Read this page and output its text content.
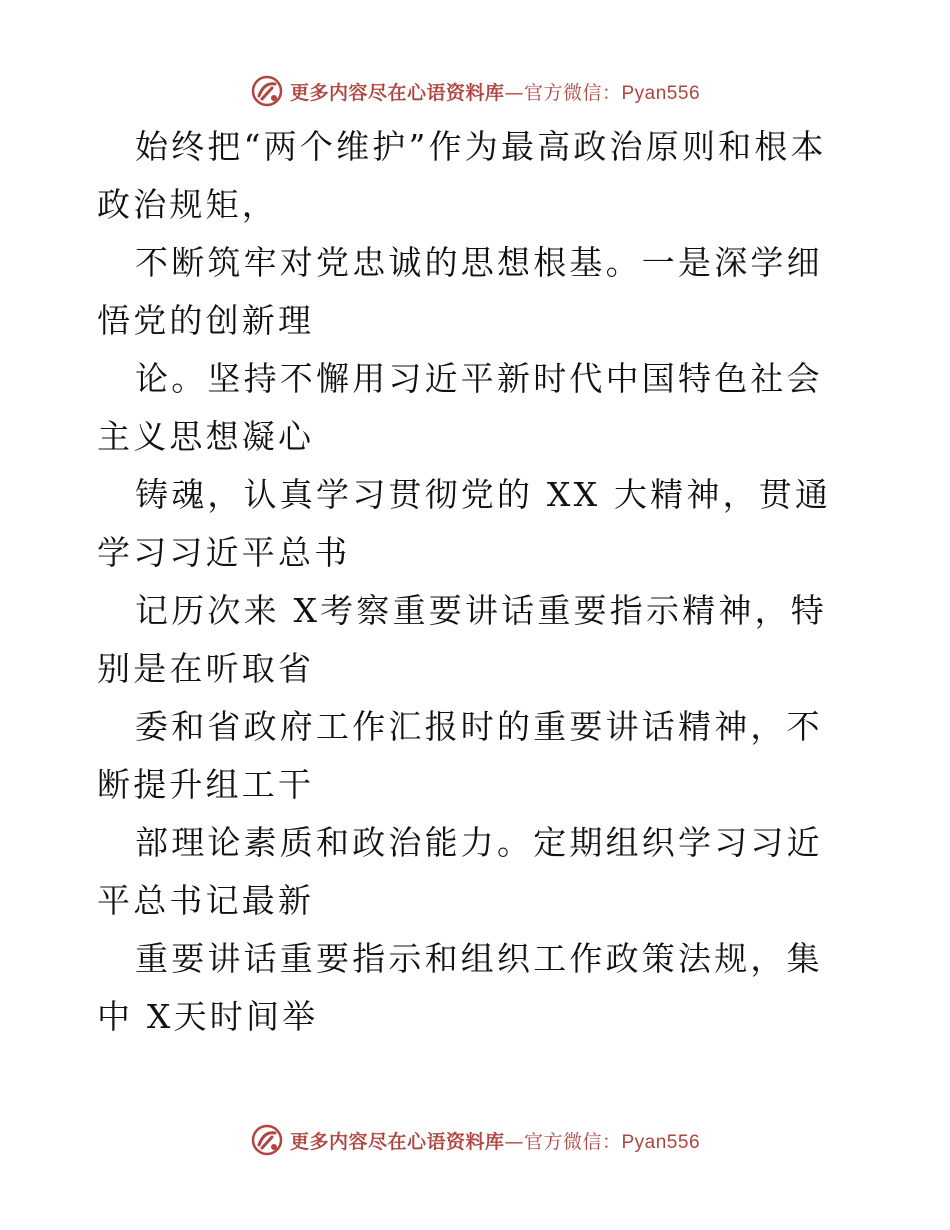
更多内容尽在心语资料库—官方微信：Pyan556

始终把“两个维护”作为最高政治原则和根本政治规矩，

不断筑牢对党忠诚的思想根基。一是深学细悟党的创新理

论。坚持不懈用习近平新时代中国特色社会主义思想凝心

铸魂，认真学习贯彻党的 XX 大精神，贯通学习习近平总书

记历次来 X考察重要讲话重要指示精神，特别是在听取省

委和省政府工作汇报时的重要讲话精神，不断提升组工干

部理论素质和政治能力。定期组织学习习近平总书记最新

重要讲话重要指示和组织工作政策法规，集中 X天时间举

更多内容尽在心语资料库—官方微信：Pyan556
